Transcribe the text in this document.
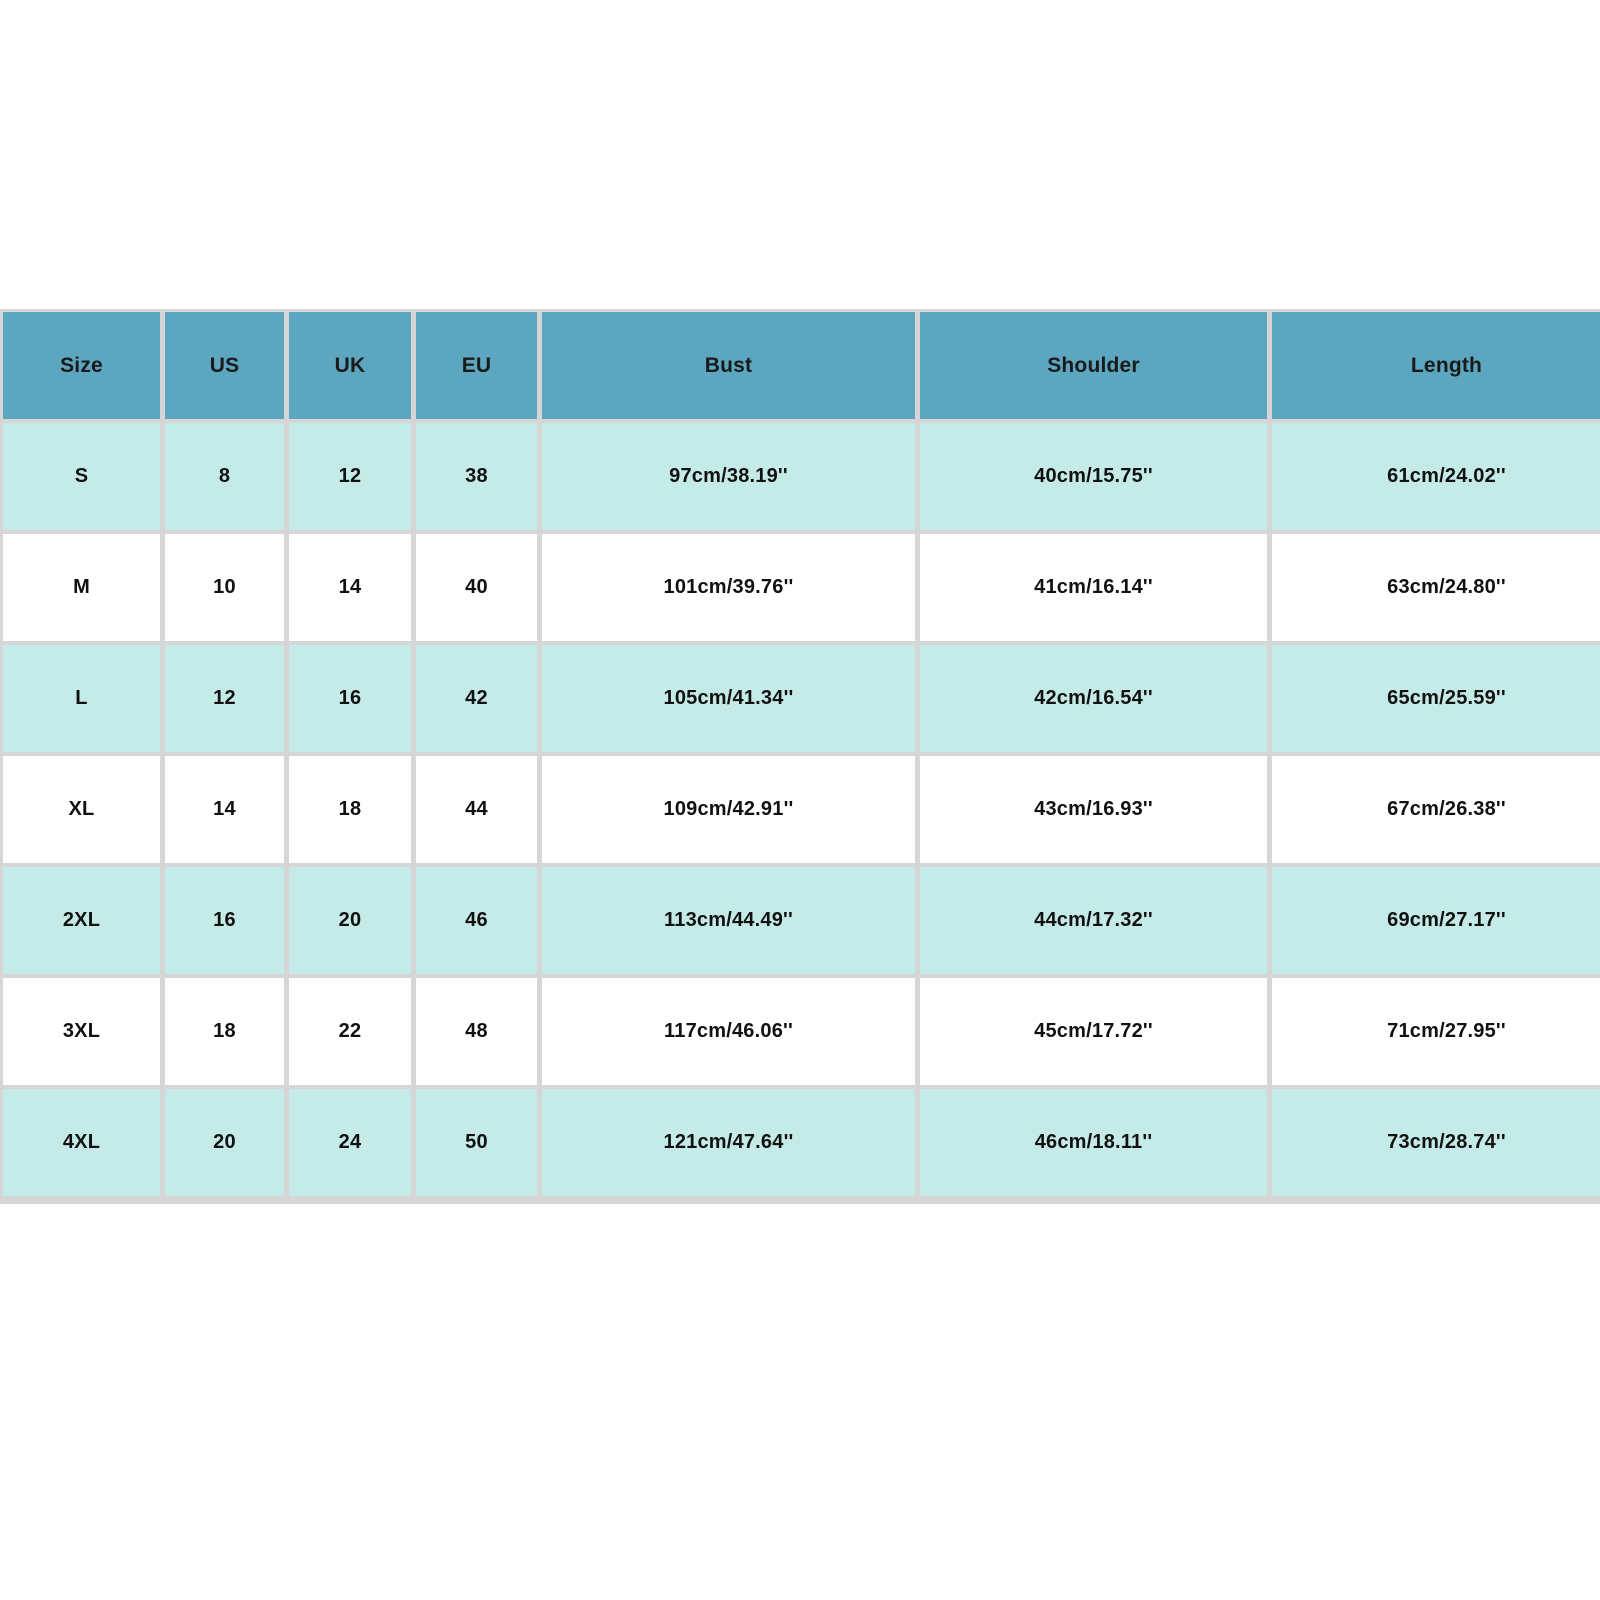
Size	US	UK	EU	Bust	Shoulder	Length
S	8	12	38	97cm/38.19''	40cm/15.75''	61cm/24.02''
M	10	14	40	101cm/39.76''	41cm/16.14''	63cm/24.80''
L	12	16	42	105cm/41.34''	42cm/16.54''	65cm/25.59''
XL	14	18	44	109cm/42.91''	43cm/16.93''	67cm/26.38''
2XL	16	20	46	113cm/44.49''	44cm/17.32''	69cm/27.17''
3XL	18	22	48	117cm/46.06''	45cm/17.72''	71cm/27.95''
4XL	20	24	50	121cm/47.64''	46cm/18.11''	73cm/28.74''
